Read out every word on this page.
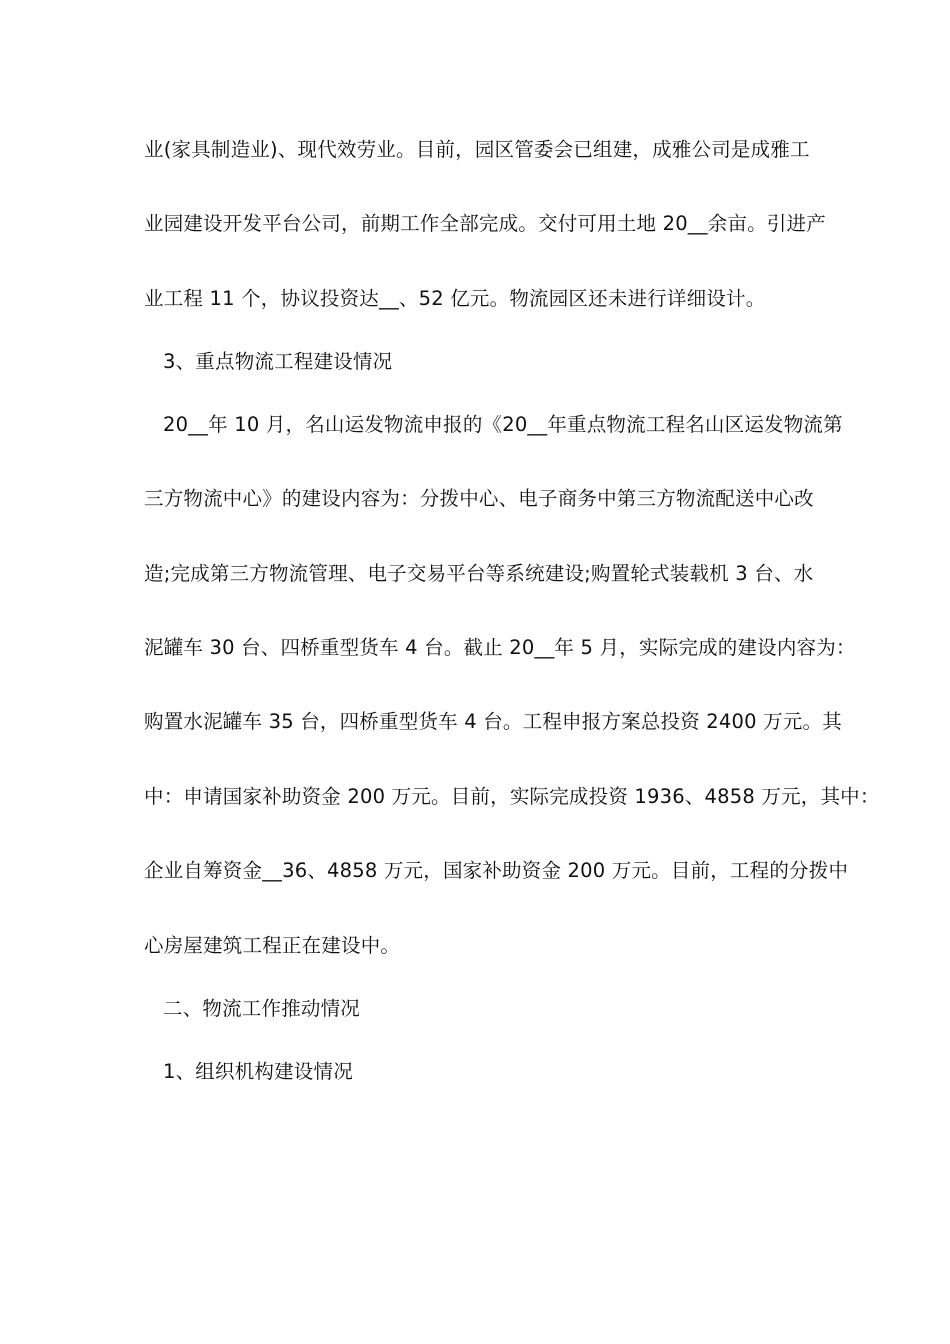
业(家具制造业)、现代效劳业。目前，园区管委会已组建，成雅公司是成雅工
业园建设开发平台公司，前期工作全部完成。交付可用土地 20__余亩。引进产
业工程 11 个，协议投资达__、52 亿元。物流园区还未进行详细设计。
3、重点物流工程建设情况
20__年 10 月，名山运发物流申报的《20__年重点物流工程名山区运发物流第
三方物流中心》的建设内容为：分拨中心、电子商务中第三方物流配送中心改
造;完成第三方物流管理、电子交易平台等系统建设;购置轮式装载机 3 台、水
泥罐车 30 台、四桥重型货车 4 台。截止 20__年 5 月，实际完成的建设内容为：
购置水泥罐车 35 台，四桥重型货车 4 台。工程申报方案总投资 2400 万元。其
中：申请国家补助资金 200 万元。目前，实际完成投资 1936、4858 万元，其中：
企业自筹资金__36、4858 万元，国家补助资金 200 万元。目前，工程的分拨中
心房屋建筑工程正在建设中。
二、物流工作推动情况
1、组织机构建设情况
